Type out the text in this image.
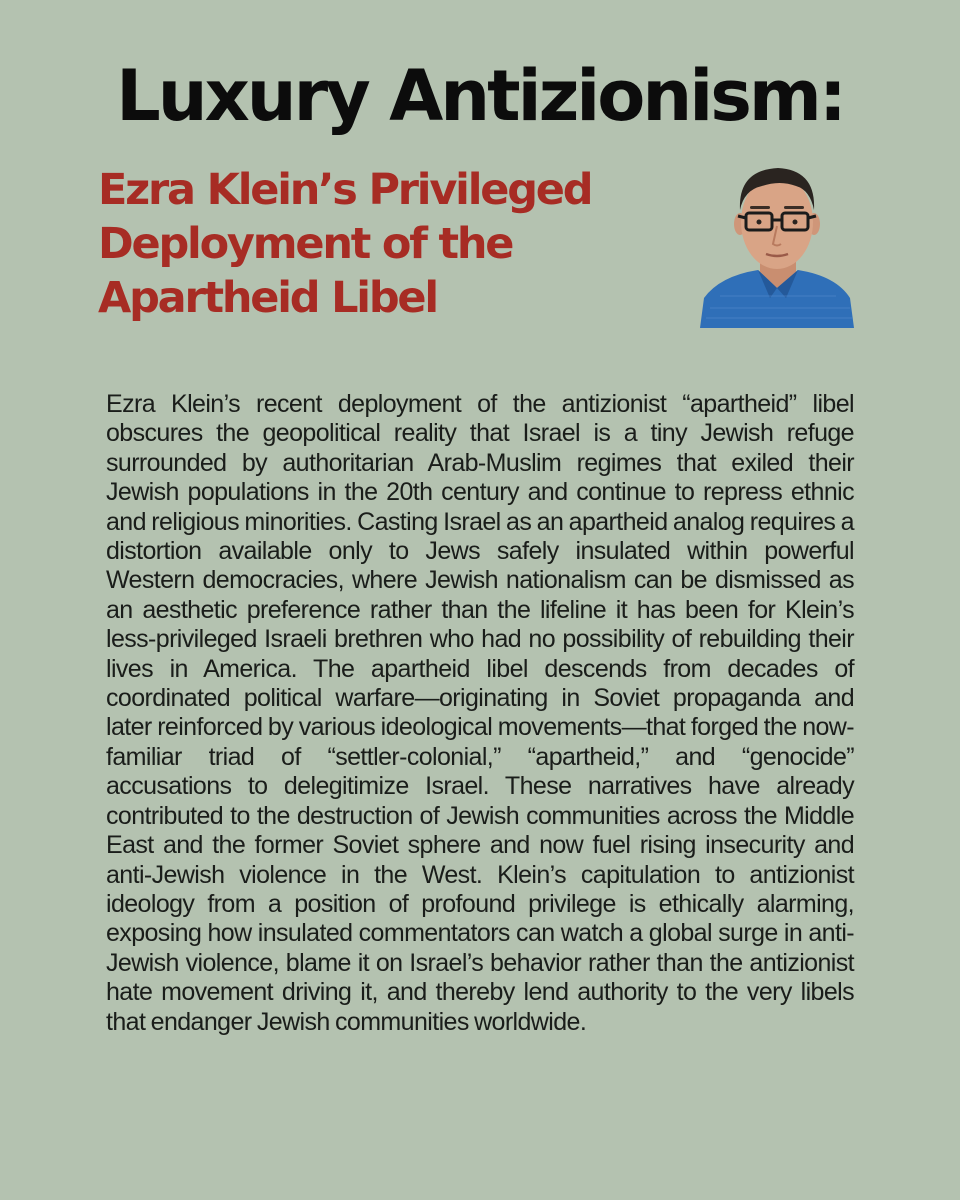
Luxury Antizionism:
Ezra Klein’s Privileged
Deployment of the
Apartheid Libel

Ezra Klein’s recent deployment of the antizionist “apartheid” libel obscures the geopolitical reality that Israel is a tiny Jewish refuge surrounded by authoritarian Arab-Muslim regimes that exiled their Jewish populations in the 20th century and continue to repress ethnic and religious minorities. Casting Israel as an apartheid analog requires a distortion available only to Jews safely insulated within powerful Western democracies, where Jewish nationalism can be dismissed as an aesthetic preference rather than the lifeline it has been for Klein’s less-privileged Israeli brethren who had no possibility of rebuilding their lives in America. The apartheid libel descends from decades of coordinated political warfare—originating in Soviet propaganda and later reinforced by various ideological movements—that forged the now-familiar triad of “settler-colonial,” “apartheid,” and “genocide” accusations to delegitimize Israel. These narratives have already contributed to the destruction of Jewish communities across the Middle East and the former Soviet sphere and now fuel rising insecurity and anti-Jewish violence in the West. Klein’s capitulation to antizionist ideology from a position of profound privilege is ethically alarming, exposing how insulated commentators can watch a global surge in anti-Jewish violence, blame it on Israel’s behavior rather than the antizionist hate movement driving it, and thereby lend authority to the very libels that endanger Jewish communities worldwide.
